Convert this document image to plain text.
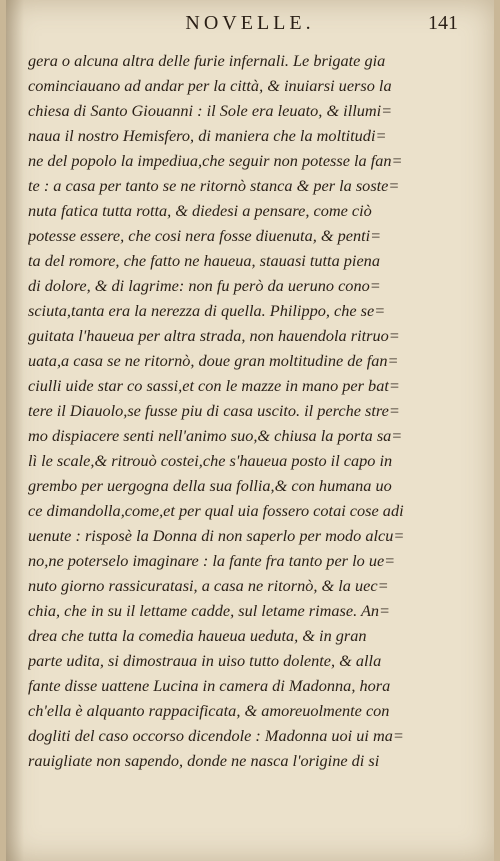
NOVELLE.	141
gera o alcuna altra delle furie infernali. Le brigate gia
cominciauano ad andar per la città, & inuiarsi uerso la
chiesa di Santo Giouanni : il Sole era leuato, & illumi=
naua il nostro Hemisfero, di maniera che la moltitudi=
ne del popolo la impediua,che seguir non potesse la fan=
te : a casa per tanto se ne ritornò stanca & per la soste=
nuta fatica tutta rotta, & diedesi a pensare, come ciò
potesse essere, che cosi nera fosse diuenuta, & penti=
ta del romore, che fatto ne haueua, stauasi tutta piena
di dolore, & di lagrime: non fu però da ueruno cono=
sciuta,tanta era la nerezza di quella. Philippo, che se=
guitata l'haueua per altra strada, non hauendola ritruo=
uata,a casa se ne ritornò, doue gran moltitudine de fan=
ciulli uide star co sassi,et con le mazze in mano per bat=
tere il Diauolo,se fusse piu di casa uscito. il perche stre=
mo dispiacere senti nell'animo suo,& chiusa la porta sa=
lì le scale,& ritrouò costei,che s'haueua posto il capo in
grembo per uergogna della sua follia,& con humana uo
ce dimandolla,come,et per qual uia fossero cotai cose adi
uenute : risposè la Donna di non saperlo per modo alcu=
no,ne poterselo imaginare : la fante fra tanto per lo ue=
nuto giorno rassicuratasi, a casa ne ritornò, & la uec=
chia, che in su il lettame cadde, sul letame rimase. An=
drea che tutta la comedia haueua ueduta, & in gran
parte udita, si dimostraua in uiso tutto dolente, & alla
fante disse uattene Lucina in camera di Madonna, hora
ch'ella è alquanto rappacificata, & amoreuolmente con
dogliti del caso occorso dicendole : Madonna uoi ui ma=
rauigliate non sapendo, donde ne nasca l'origine di si
